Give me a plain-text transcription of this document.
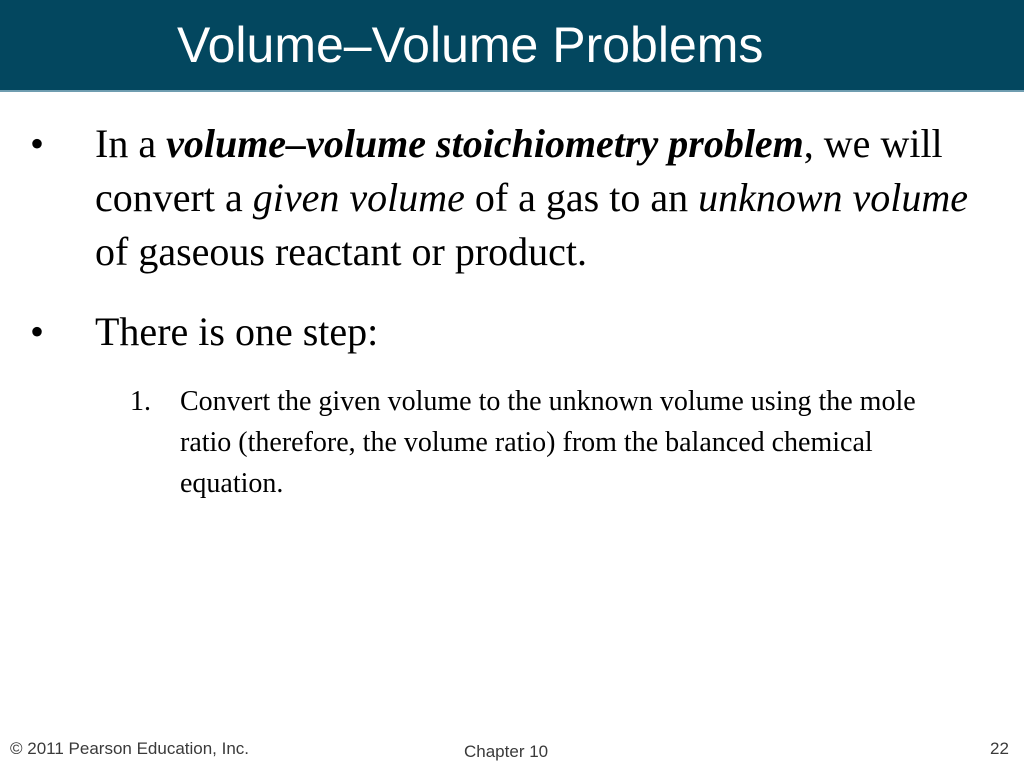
Volume–Volume Problems
• In a volume–volume stoichiometry problem, we will convert a given volume of a gas to an unknown volume of gaseous reactant or product.
• There is one step:
1. Convert the given volume to the unknown volume using the mole ratio (therefore, the volume ratio) from the balanced chemical equation.
© 2011 Pearson Education, Inc.	Chapter 10	22
